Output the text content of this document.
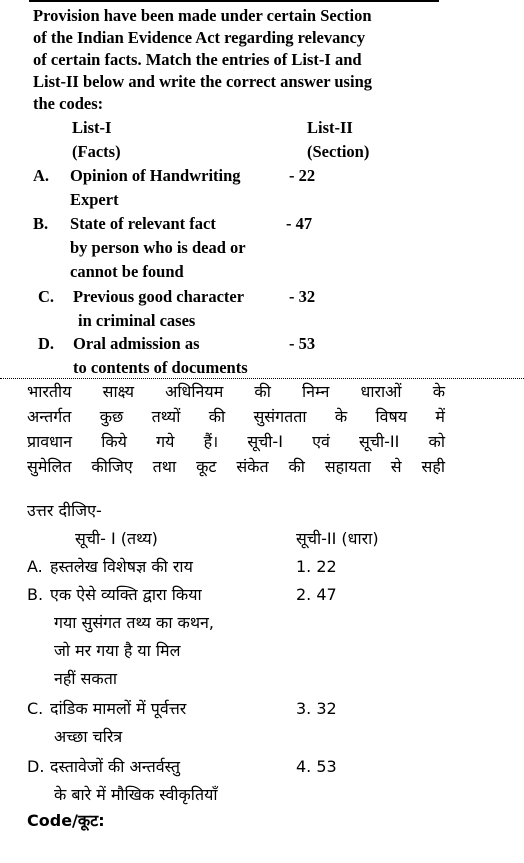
Provision have been made under certain Section
of the Indian Evidence Act regarding relevancy
of certain facts. Match the entries of List-I and
List-II below and write the correct answer using
the codes:
List-I
(Facts)
List-II
(Section)
A. Opinion of Handwriting
Expert
- 22
B. State of relevant fact
by person who is dead or
cannot be found
- 47
C. Previous good character
in criminal cases
- 32
D. Oral admission as
to contents of documents
- 53
भारतीय साक्ष्य अधिनियम की निम्न धाराओं के
अन्तर्गत कुछ तथ्यों की सुसंगतता के विषय में
प्रावधान किये गये हैं। सूची-I एवं सूची-II को
सुमेलित कीजिए तथा कूट संकेत की सहायता से सही
उत्तर दीजिए-
सूची- I (तथ्य)	सूची-II (धारा)
A. हस्तलेख विशेषज्ञ की राय	1. 22
B. एक ऐसे व्यक्ति द्वारा किया
गया सुसंगत तथ्य का कथन,
जो मर गया है या मिल
नहीं सकता
2. 47
C. दांडिक मामलों में पूर्वत्तर
अच्छा चरित्र
3. 32
D. दस्तावेजों की अन्तर्वस्तु
के बारे में मौखिक स्वीकृतियाँ
4. 53
Code/कूट:
